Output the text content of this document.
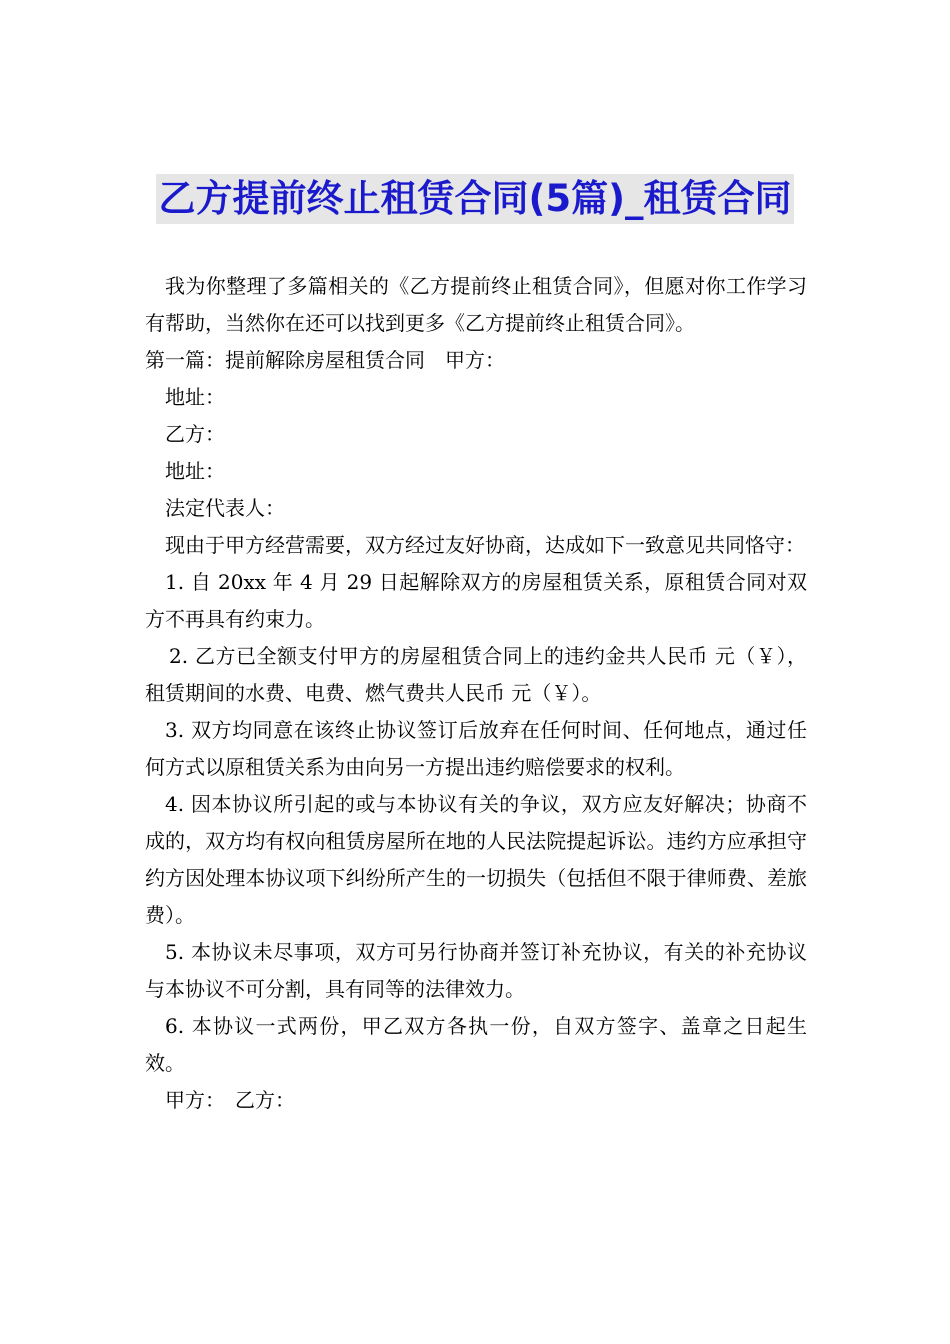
乙方提前终止租赁合同(5篇)_租赁合同

我为你整理了多篇相关的《乙方提前终止租赁合同》，但愿对你工作学习有帮助，当然你在还可以找到更多《乙方提前终止租赁合同》。

第一篇：提前解除房屋租赁合同　甲方：

地址：

乙方：

地址：

法定代表人：

现由于甲方经营需要，双方经过友好协商，达成如下一致意见共同恪守：

1. 自 20xx 年 4 月 29 日起解除双方的房屋租赁关系，原租赁合同对双方不再具有约束力。

2. 乙方已全额支付甲方的房屋租赁合同上的违约金共人民币 元（￥），租赁期间的水费、电费、燃气费共人民币 元（￥）。

3. 双方均同意在该终止协议签订后放弃在任何时间、任何地点，通过任何方式以原租赁关系为由向另一方提出违约赔偿要求的权利。

4. 因本协议所引起的或与本协议有关的争议，双方应友好解决；协商不成的，双方均有权向租赁房屋所在地的人民法院提起诉讼。违约方应承担守约方因处理本协议项下纠纷所产生的一切损失（包括但不限于律师费、差旅费）。

5. 本协议未尽事项，双方可另行协商并签订补充协议，有关的补充协议与本协议不可分割，具有同等的法律效力。

6. 本协议一式两份，甲乙双方各执一份，自双方签字、盖章之日起生效。

甲方：　乙方：
